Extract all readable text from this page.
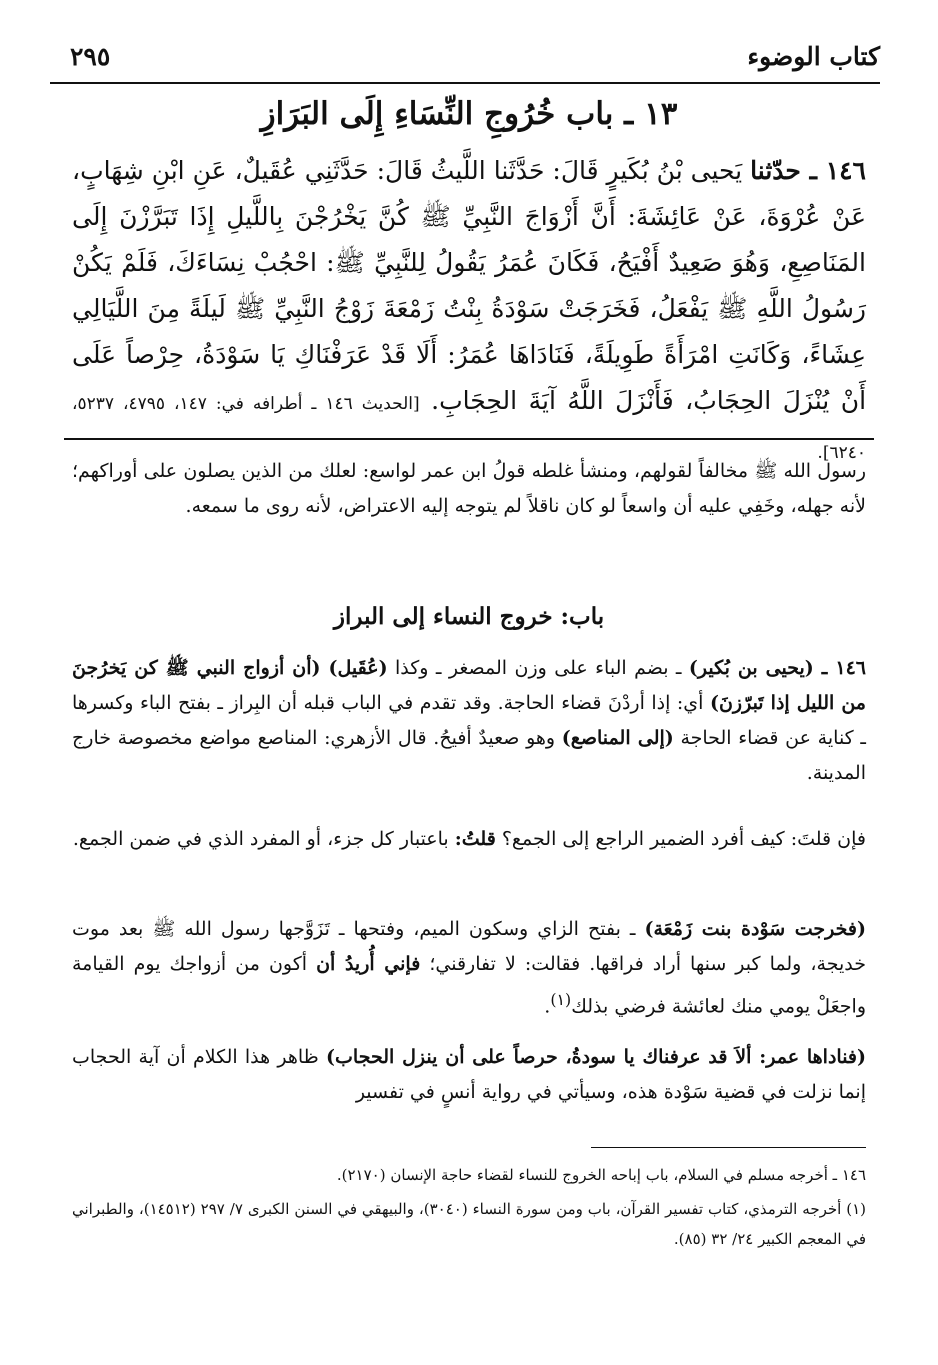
٢٩٥	كتاب الوضوء
١٣ ـ باب خُرُوجِ النِّسَاءِ إِلَى البَرَازِ
١٤٦ ـ حدّثنا يَحيى بْنُ بُكَيرٍ قَالَ: حَدَّثَنا اللَّيثُ قَالَ: حَدَّثَنِي عُقَيلٌ، عَنِ ابْنِ شِهَابٍ، عَنْ عُرْوَةَ، عَنْ عَائِشَةَ: أَنَّ أَزْوَاجَ النَّبِيِّ ﷺ كُنَّ يَخْرُجْنَ بِاللَّيلِ إِذَا تَبَرَّزْنَ إِلَى المَنَاصِعِ، وَهُوَ صَعِيدٌ أَفْيَحُ، فَكَانَ عُمَرُ يَقُولُ لِلنَّبِيِّ ﷺ: احْجُبْ نِسَاءَكَ، فَلَمْ يَكُنْ رَسُولُ اللَّهِ ﷺ يَفْعَلُ، فَخَرَجَتْ سَوْدَةُ بِنْتُ زَمْعَةَ زَوْجُ النَّبِيِّ ﷺ لَيلَةً مِنَ اللَّيَالِي عِشَاءً، وَكَانَتِ امْرَأَةً طَوِيلَةً، فَنَادَاهَا عُمَرُ: أَلَا قَدْ عَرَفْنَاكِ يَا سَوْدَةُ، حِرْصاً عَلَى أَنْ يُنْزَلَ الحِجَابُ، فَأَنْزَلَ اللَّهُ آيَةَ الحِجَابِ. [الحديث ١٤٦ ـ أطرافه في: ١٤٧، ٤٧٩٥، ٥٢٣٧، ٦٢٤٠].
رسول الله ﷺ مخالفاً لقولهم، ومنشأ غلطه قولُ ابن عمر لواسع: لعلك من الذين يصلون على أوراكهم؛ لأنه جهله، وخَفِي عليه أن واسعاً لو كان ناقلاً لم يتوجه إليه الاعتراض، لأنه روى ما سمعه.
باب: خروج النساء إلى البراز
١٤٦ ـ (يحيى بن بُكير) ـ بضم الباء على وزن المصغر ـ وكذا (عُقَيل) (أن أزواج النبي ﷺ كن يَخرُجنَ من الليل إذا تَبرّزنَ) أي: إذا أردْنَ قضاء الحاجة. وقد تقدم في الباب قبله أن البِراز ـ بفتح الباء وكسرها ـ كناية عن قضاء الحاجة (إلى المناصع) وهو صعيدٌ أفيحُ. قال الأزهري: المناصع مواضع مخصوصة خارج المدينة.
فإن قلتَ: كيف أفرد الضمير الراجع إلى الجمع؟ قلتُ: باعتبار كل جزء، أو المفرد الذي في ضمن الجمع.
(فخرجت سَوْدة بنت زَمْعَة) ـ بفتح الزاي وسكون الميم، وفتحها ـ تَزَوَّجها رسول الله ﷺ بعد موت خديجة، ولما كبر سنها أراد فراقها. فقالت: لا تفارقني؛ فإني أُريدُ أن أكون من أزواجك يوم القيامة واجعَلْ يومي منك لعائشة فرضي بذلك$^{(١)}$.
(فناداها عمر: ألاَ قد عرفناك يا سودةُ، حرصاً على أن ينزل الحجاب) ظاهر هذا الكلام أن آية الحجاب إنما نزلت في قضية سَوْدة هذه، وسيأتي في رواية أنسٍ في تفسير

١٤٦ ـ أخرجه مسلم في السلام، باب إباحه الخروج للنساء لقضاء حاجة الإنسان (٢١٧٠).

(١) أخرجه الترمذي، كتاب تفسير القرآن، باب ومن سورة النساء (٣٠٤٠)، والبيهقي في السنن الكبرى ٧/ ٢٩٧ (١٤٥١٢)، والطبراني في المعجم الكبير ٢٤/ ٣٢ (٨٥).
